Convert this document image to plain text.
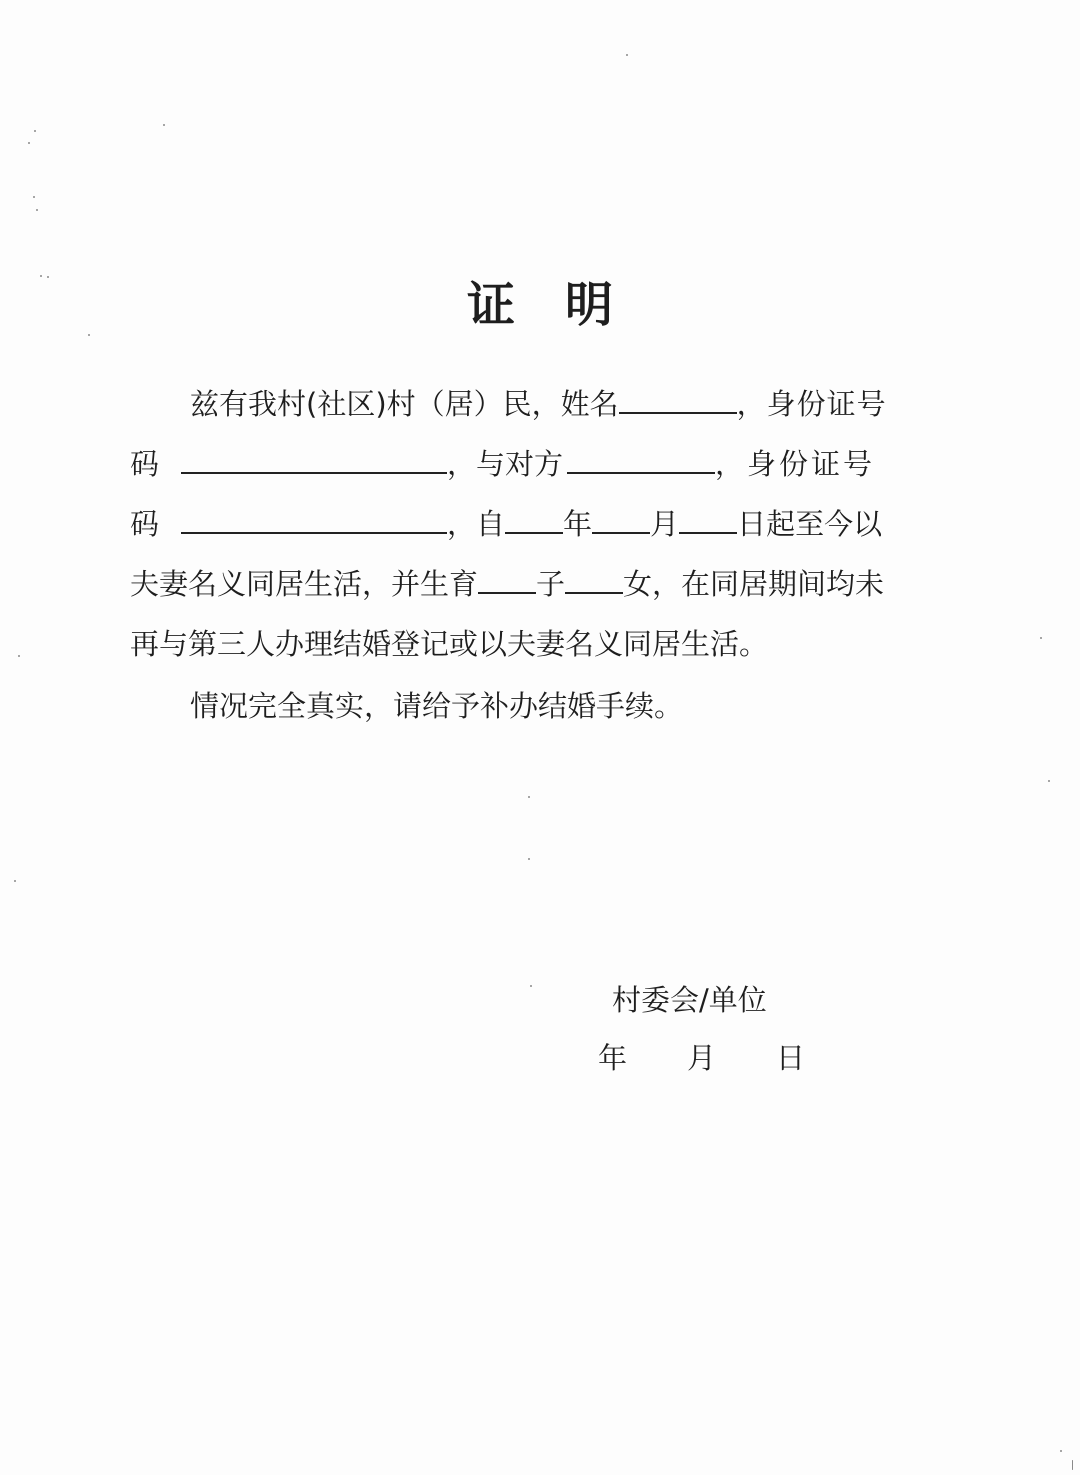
证 明
兹有我村(社区)村（居）民，姓名	，身份证号
码	，与对方	，身份证号
码	，自 年 月 日起至今以
夫妻名义同居生活，并生育 子 女，在同居期间均未
再与第三人办理结婚登记或以夫妻名义同居生活。
情况完全真实，请给予补办结婚手续。
村委会/单位
年 月 日
